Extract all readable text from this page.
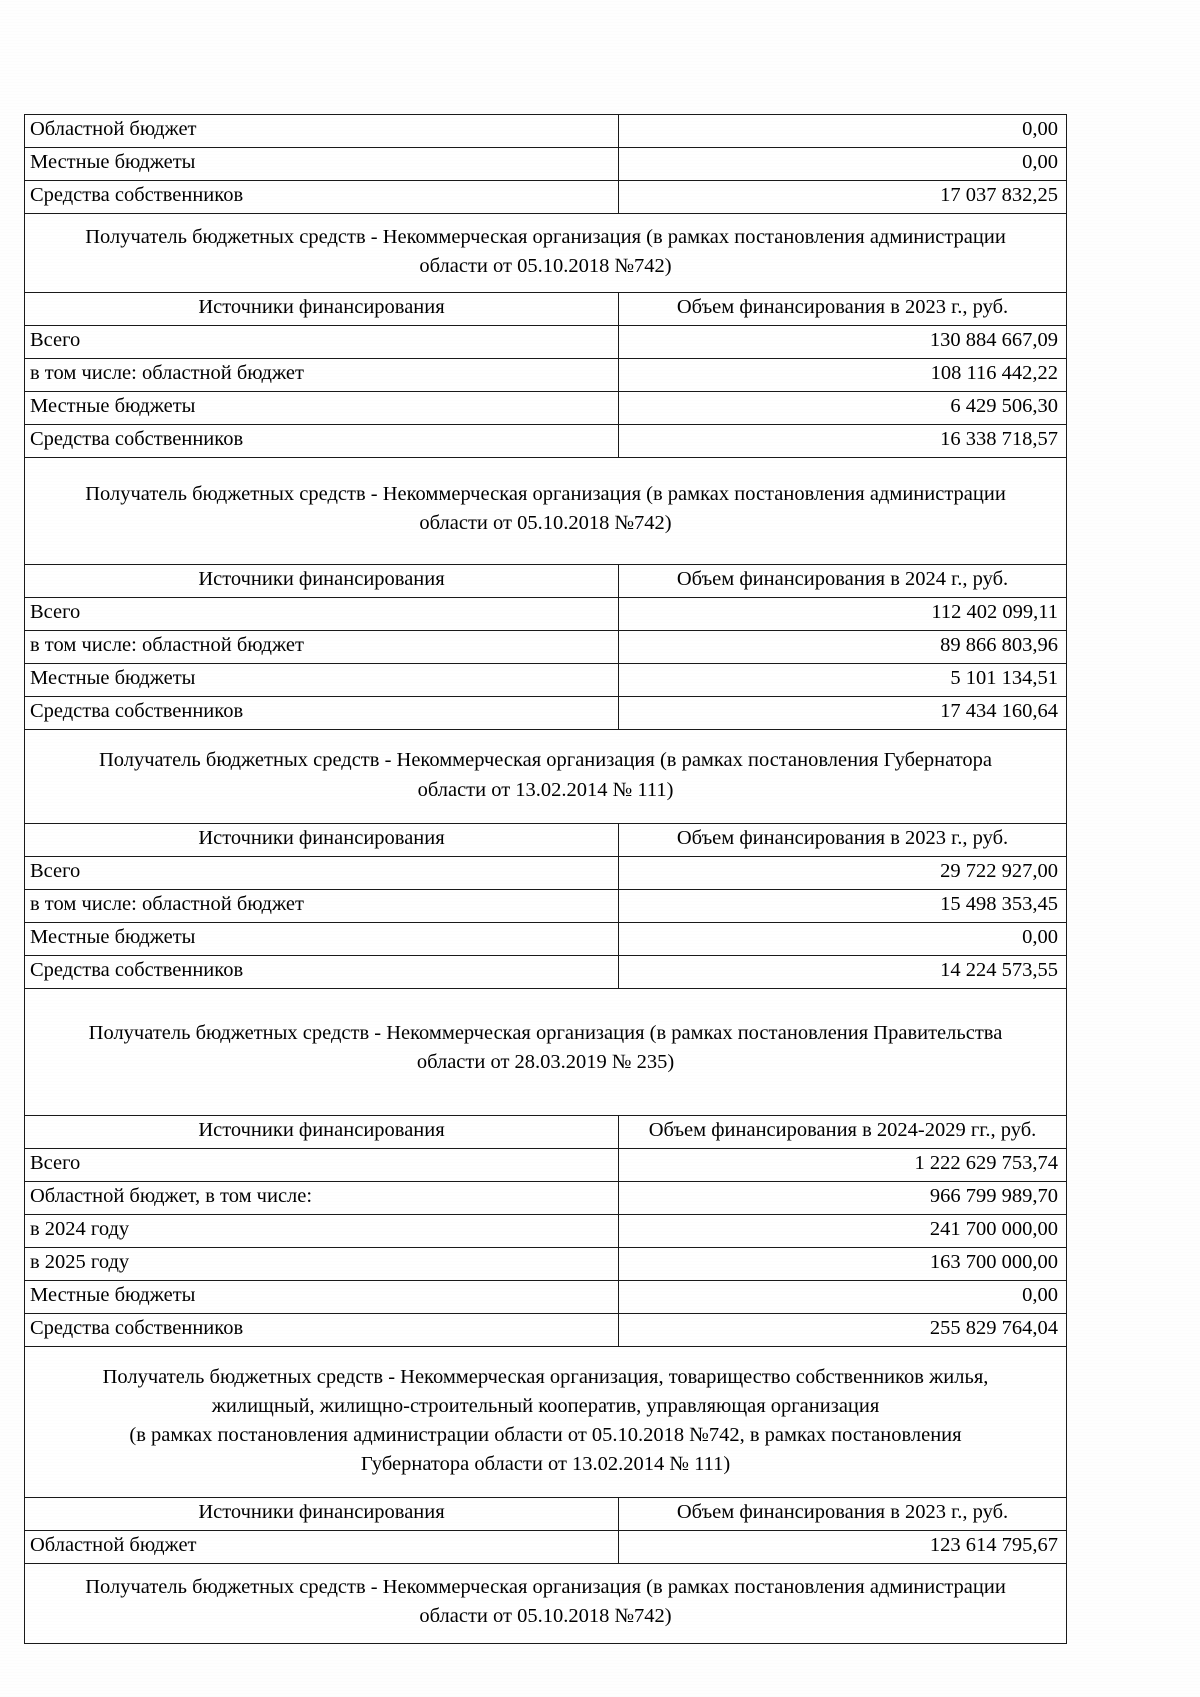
Областной бюджет	0,00
Местные бюджеты	0,00
Средства собственников	17 037 832,25

Получатель бюджетных средств - Некоммерческая организация (в рамках постановления администрации
области от 05.10.2018 №742)	

Источники финансирования	Объем финансирования в 2023 г., руб.
Всего	130 884 667,09
в том числе: областной бюджет	108 116 442,22
Местные бюджеты	6 429 506,30
Средства собственников	16 338 718,57

Получатель бюджетных средств - Некоммерческая организация (в рамках постановления администрации
области от 05.10.2018 №742)	

Источники финансирования	Объем финансирования в 2024 г., руб.
Всего	112 402 099,11
в том числе: областной бюджет	89 866 803,96
Местные бюджеты	5 101 134,51
Средства собственников	17 434 160,64

Получатель бюджетных средств - Некоммерческая организация (в рамках постановления Губернатора
области от 13.02.2014 № 111)	

Источники финансирования	Объем финансирования в 2023 г., руб.
Всего	29 722 927,00
в том числе: областной бюджет	15 498 353,45
Местные бюджеты	0,00
Средства собственников	14 224 573,55

Получатель бюджетных средств - Некоммерческая организация (в рамках постановления Правительства
области от 28.03.2019 № 235)	

Источники финансирования	Объем финансирования в 2024-2029 гг., руб.
Всего	1 222 629 753,74
Областной бюджет, в том числе:	966 799 989,70
в 2024 году	241 700 000,00
в 2025 году	163 700 000,00
Местные бюджеты	0,00
Средства собственников	255 829 764,04

Получатель бюджетных средств - Некоммерческая организация, товарищество собственников жилья,
жилищный, жилищно-строительный кооператив, управляющая организация
(в рамках постановления администрации области от 05.10.2018 №742, в рамках постановления
Губернатора области от 13.02.2014 № 111)	

Источники финансирования	Объем финансирования в 2023 г., руб.
Областной бюджет	123 614 795,67

Получатель бюджетных средств - Некоммерческая организация (в рамках постановления администрации
области от 05.10.2018 №742)	
